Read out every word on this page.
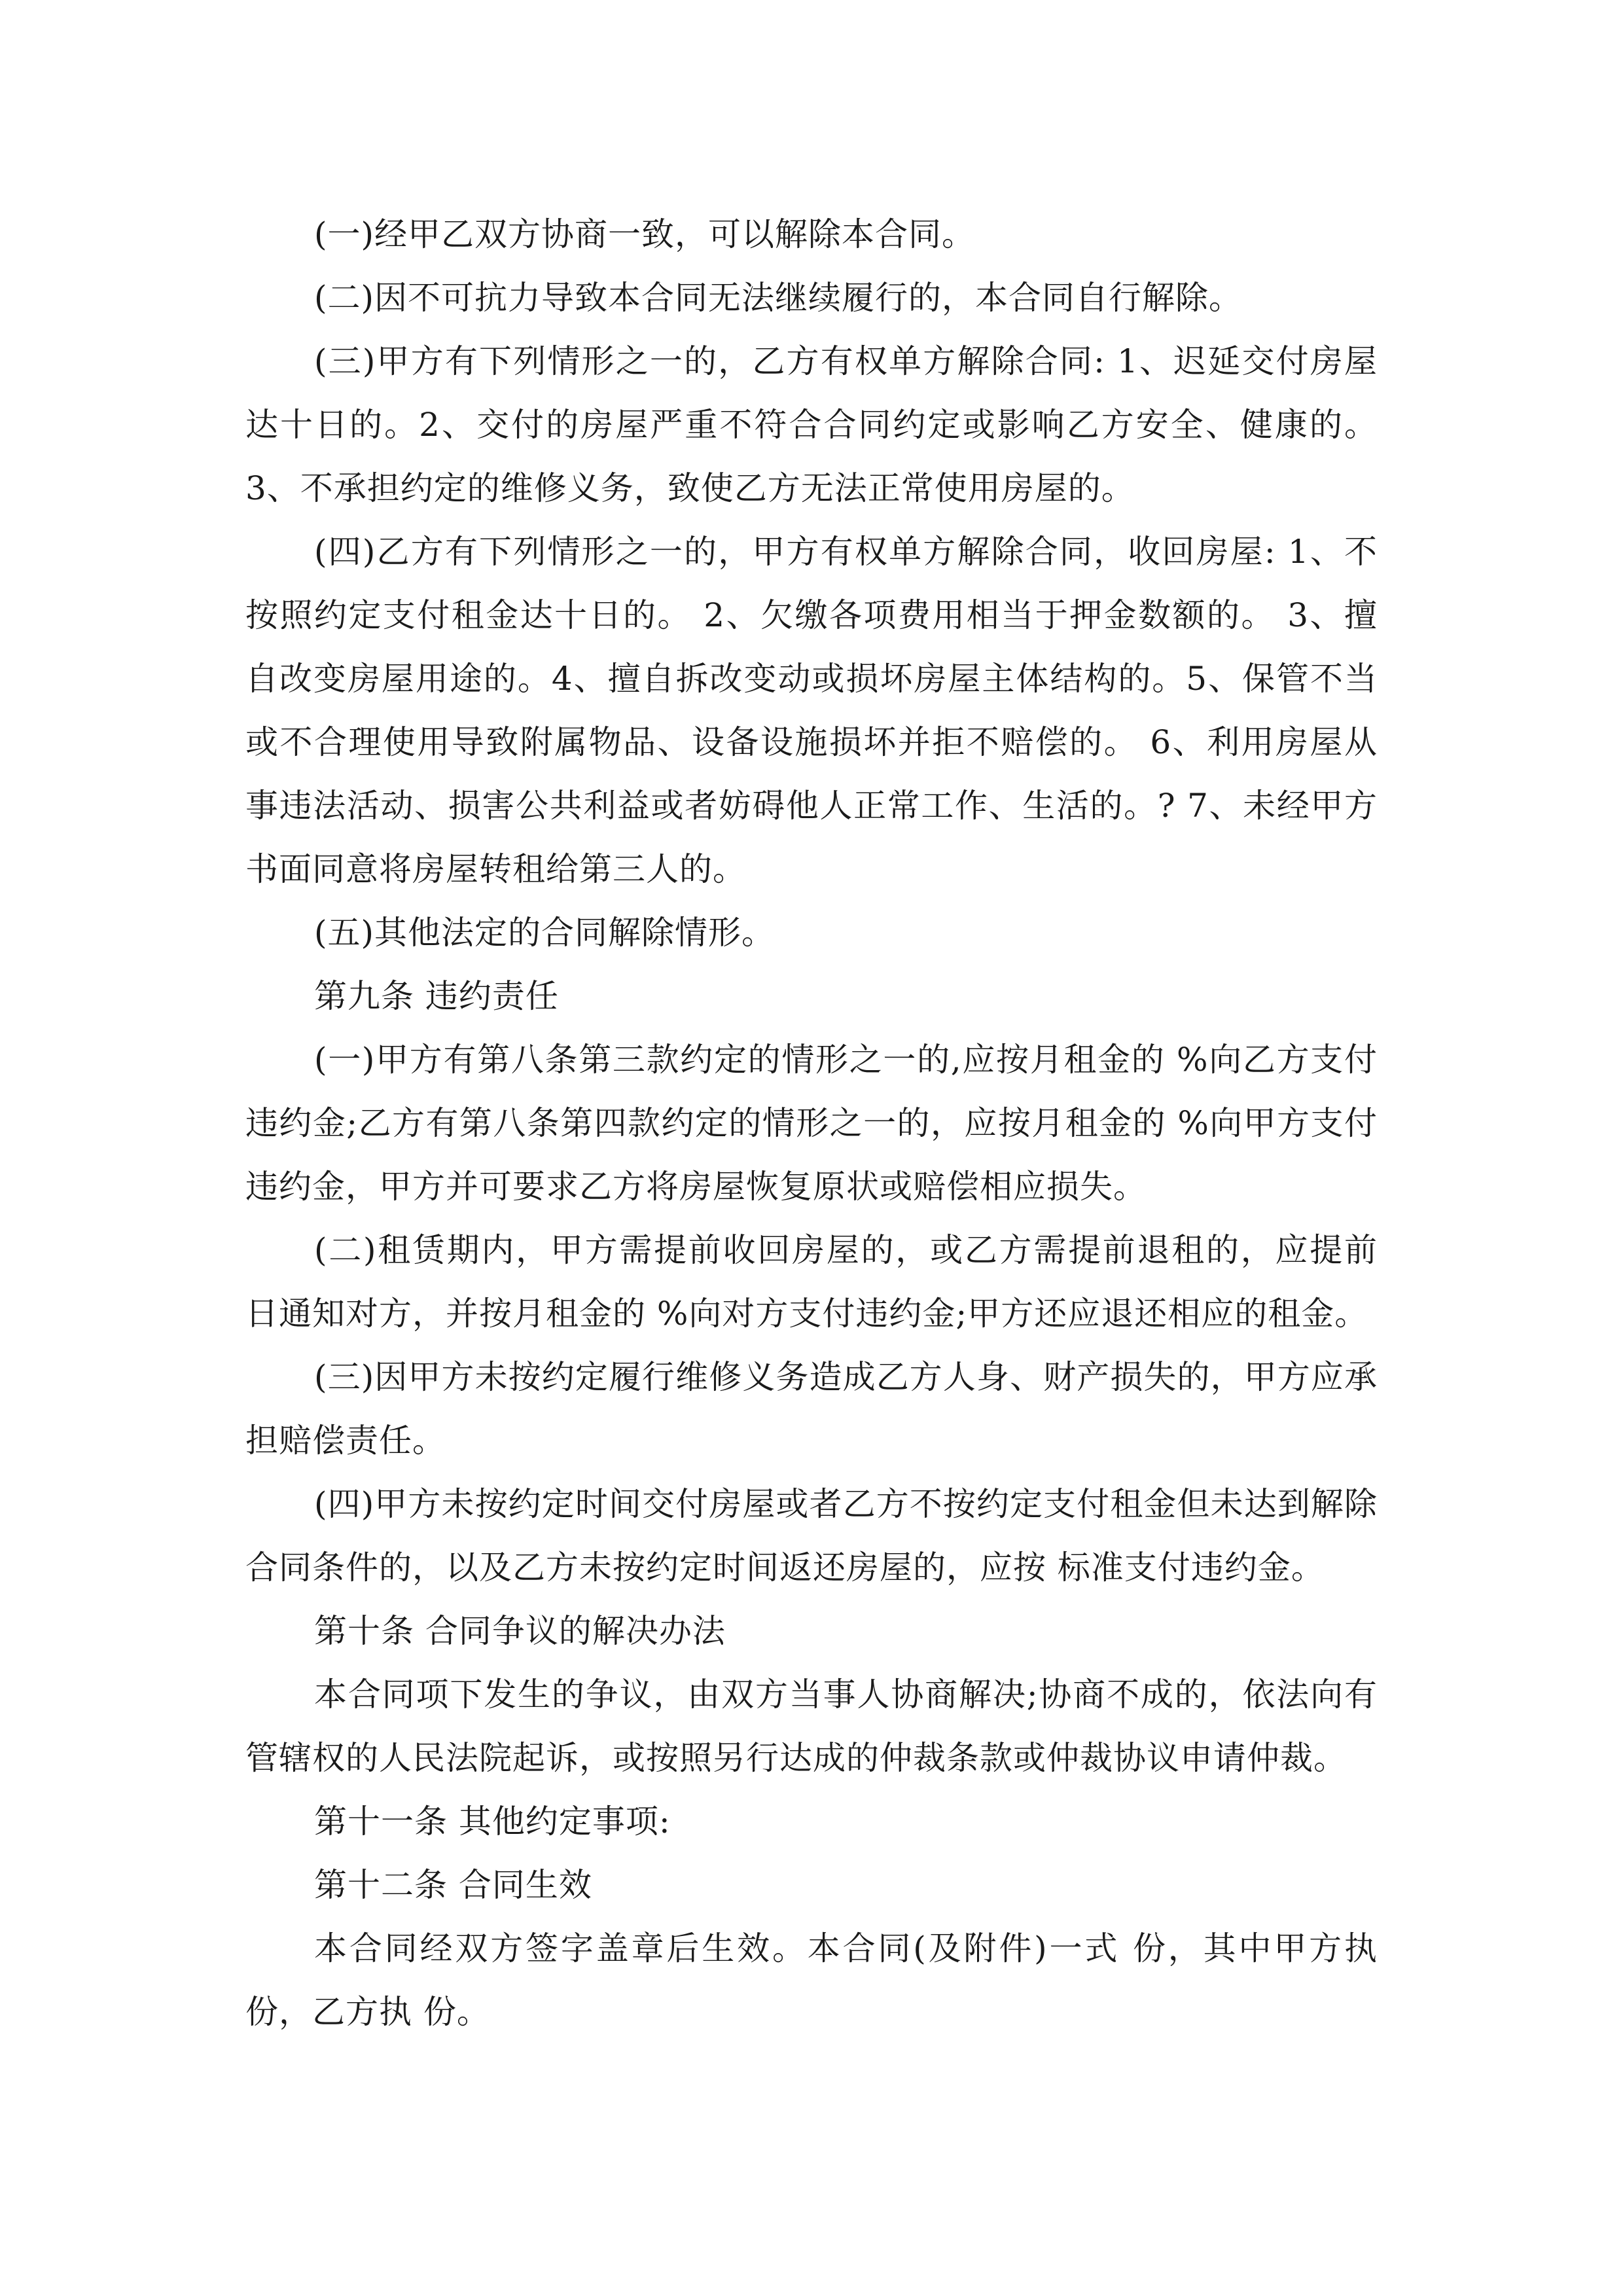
(一)经甲乙双方协商一致，可以解除本合同。

(二)因不可抗力导致本合同无法继续履行的，本合同自行解除。

(三)甲方有下列情形之一的，乙方有权单方解除合同: 1、迟延交付房屋达十日的。2、交付的房屋严重不符合合同约定或影响乙方安全、健康的。 3、不承担约定的维修义务，致使乙方无法正常使用房屋的。

(四)乙方有下列情形之一的，甲方有权单方解除合同，收回房屋: 1、不按照约定支付租金达十日的。 2、欠缴各项费用相当于押金数额的。 3、擅自改变房屋用途的。4、擅自拆改变动或损坏房屋主体结构的。5、保管不当或不合理使用导致附属物品、设备设施损坏并拒不赔偿的。 6、利用房屋从事违法活动、损害公共利益或者妨碍他人正常工作、生活的。? 7、未经甲方书面同意将房屋转租给第三人的。

(五)其他法定的合同解除情形。

第九条 违约责任

(一)甲方有第八条第三款约定的情形之一的,应按月租金的 %向乙方支付违约金;乙方有第八条第四款约定的情形之一的，应按月租金的 %向甲方支付违约金，甲方并可要求乙方将房屋恢复原状或赔偿相应损失。

(二)租赁期内，甲方需提前收回房屋的，或乙方需提前退租的，应提前 日通知对方，并按月租金的 %向对方支付违约金;甲方还应退还相应的租金。

(三)因甲方未按约定履行维修义务造成乙方人身、财产损失的，甲方应承担赔偿责任。

(四)甲方未按约定时间交付房屋或者乙方不按约定支付租金但未达到解除合同条件的，以及乙方未按约定时间返还房屋的，应按 标准支付违约金。

第十条 合同争议的解决办法

本合同项下发生的争议，由双方当事人协商解决;协商不成的，依法向有管辖权的人民法院起诉，或按照另行达成的仲裁条款或仲裁协议申请仲裁。

第十一条 其他约定事项:

第十二条 合同生效

本合同经双方签字盖章后生效。本合同(及附件)一式 份，其中甲方执 份，乙方执 份。
